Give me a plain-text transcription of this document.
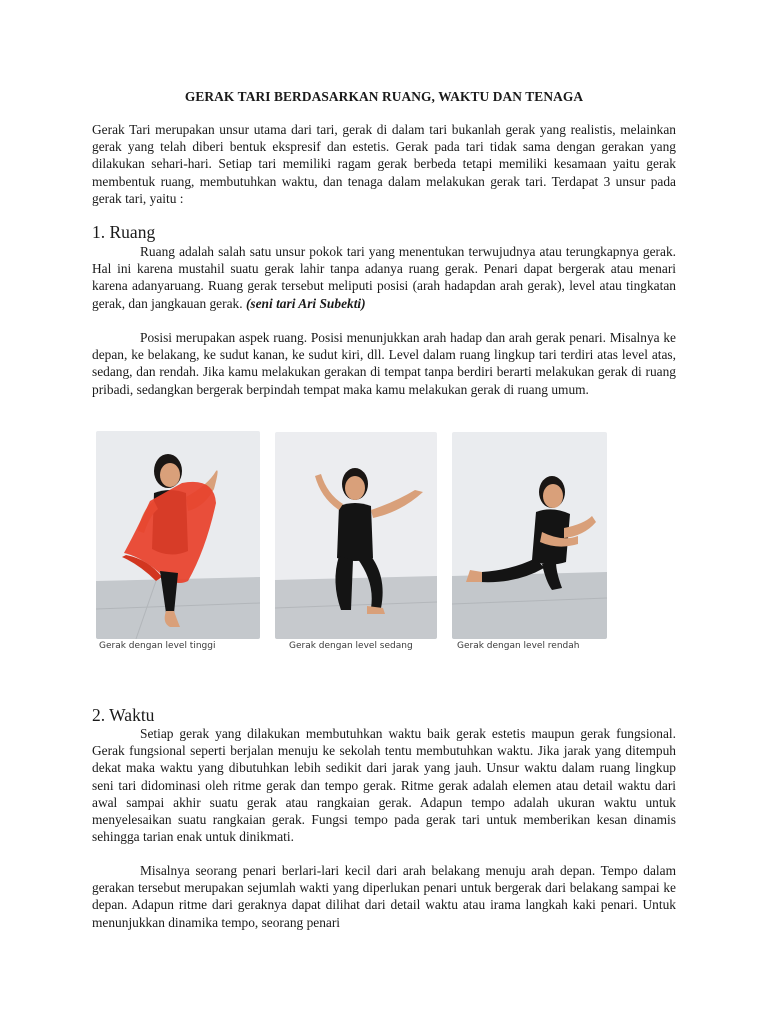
GERAK TARI BERDASARKAN RUANG, WAKTU DAN TENAGA

Gerak Tari merupakan unsur utama dari tari, gerak di dalam tari bukanlah gerak yang realistis, melainkan gerak yang telah diberi bentuk ekspresif dan estetis. Gerak pada tari tidak sama dengan gerakan yang dilakukan sehari-hari. Setiap tari memiliki ragam gerak berbeda tetapi memiliki kesamaan yaitu gerak membentuk ruang, membutuhkan waktu, dan tenaga dalam melakukan gerak tari. Terdapat 3 unsur pada gerak tari, yaitu :

1. Ruang

Ruang adalah salah satu unsur pokok tari yang menentukan terwujudnya atau terungkapnya gerak. Hal ini karena mustahil suatu gerak lahir tanpa adanya ruang gerak. Penari dapat bergerak atau menari karena adanyaruang. Ruang gerak tersebut meliputi posisi (arah hadapdan arah gerak), level atau tingkatan gerak, dan jangkauan gerak. (seni tari Ari Subekti)

Posisi merupakan aspek ruang. Posisi menunjukkan arah hadap dan arah gerak penari. Misalnya ke depan, ke belakang, ke sudut kanan, ke sudut kiri, dll. Level dalam ruang lingkup tari terdiri atas level atas, sedang, dan rendah. Jika kamu melakukan gerakan di tempat tanpa berdiri berarti melakukan gerak di ruang pribadi, sedangkan bergerak berpindah tempat maka kamu melakukan gerak di ruang umum.

Gerak dengan level tinggi	Gerak dengan level sedang	Gerak dengan level rendah
2. Waktu

Setiap gerak yang dilakukan membutuhkan waktu baik gerak estetis maupun gerak fungsional. Gerak fungsional seperti berjalan menuju ke sekolah tentu membutuhkan waktu. Jika jarak yang ditempuh dekat maka waktu yang dibutuhkan lebih sedikit dari jarak yang jauh. Unsur waktu dalam ruang lingkup seni tari didominasi oleh ritme gerak dan tempo gerak. Ritme gerak adalah elemen atau detail waktu dari awal sampai akhir suatu gerak atau rangkaian gerak. Adapun tempo adalah ukuran waktu untuk menyelesaikan suatu rangkaian gerak. Fungsi tempo pada gerak tari untuk memberikan kesan dinamis sehingga tarian enak untuk dinikmati.

Misalnya seorang penari berlari-lari kecil dari arah belakang menuju arah depan. Tempo dalam gerakan tersebut merupakan sejumlah wakti yang diperlukan penari untuk bergerak dari belakang sampai ke depan. Adapun ritme dari geraknya dapat dilihat dari detail waktu atau irama langkah kaki penari. Untuk menunjukkan dinamika tempo, seorang penari
